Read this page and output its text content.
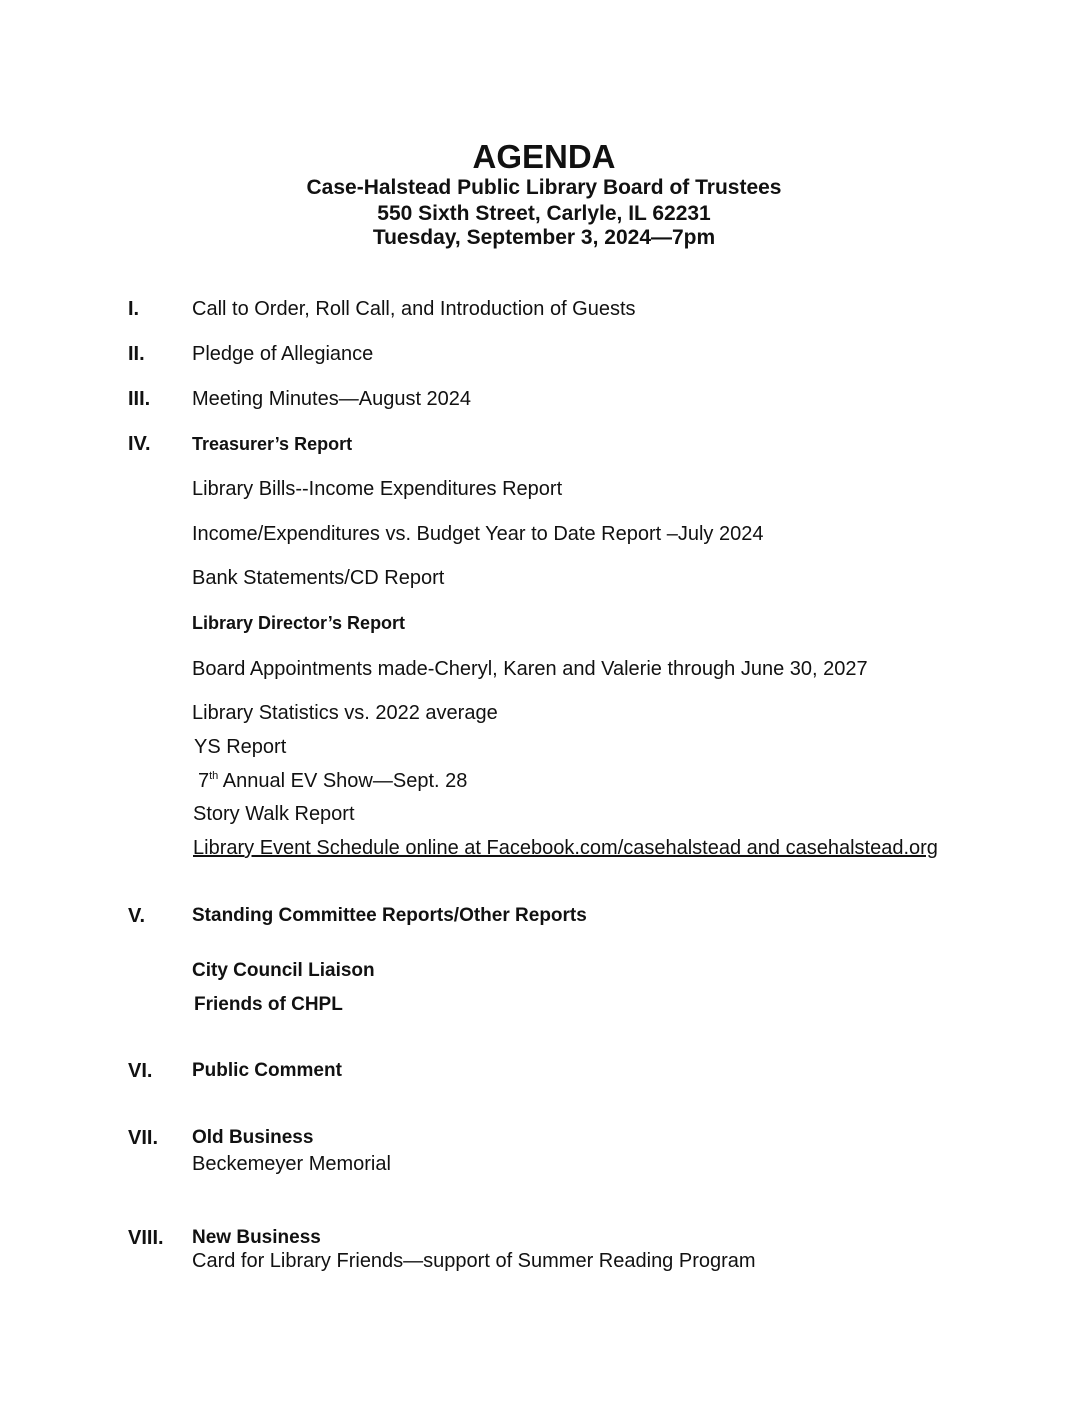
AGENDA
Case-Halstead Public Library Board of Trustees
550 Sixth Street, Carlyle, IL 62231
Tuesday, September 3, 2024—7pm
I.	Call to Order, Roll Call, and Introduction of Guests
II. Pledge of Allegiance
III. Meeting Minutes—August 2024
IV. Treasurer’s Report
Library Bills--Income Expenditures Report
Income/Expenditures vs. Budget Year to Date Report –July 2024
Bank Statements/CD Report
Library Director’s Report
Board Appointments made-Cheryl, Karen and Valerie through June 30, 2027
Library Statistics vs. 2022 average
YS Report
7th Annual EV Show—Sept. 28
Story Walk Report
Library Event Schedule online at Facebook.com/casehalstead and casehalstead.org
V. Standing Committee Reports/Other Reports
City Council Liaison
Friends of CHPL
VI. Public Comment
VII. Old Business
Beckemeyer Memorial
VIII. New Business
Card for Library Friends—support of Summer Reading Program
